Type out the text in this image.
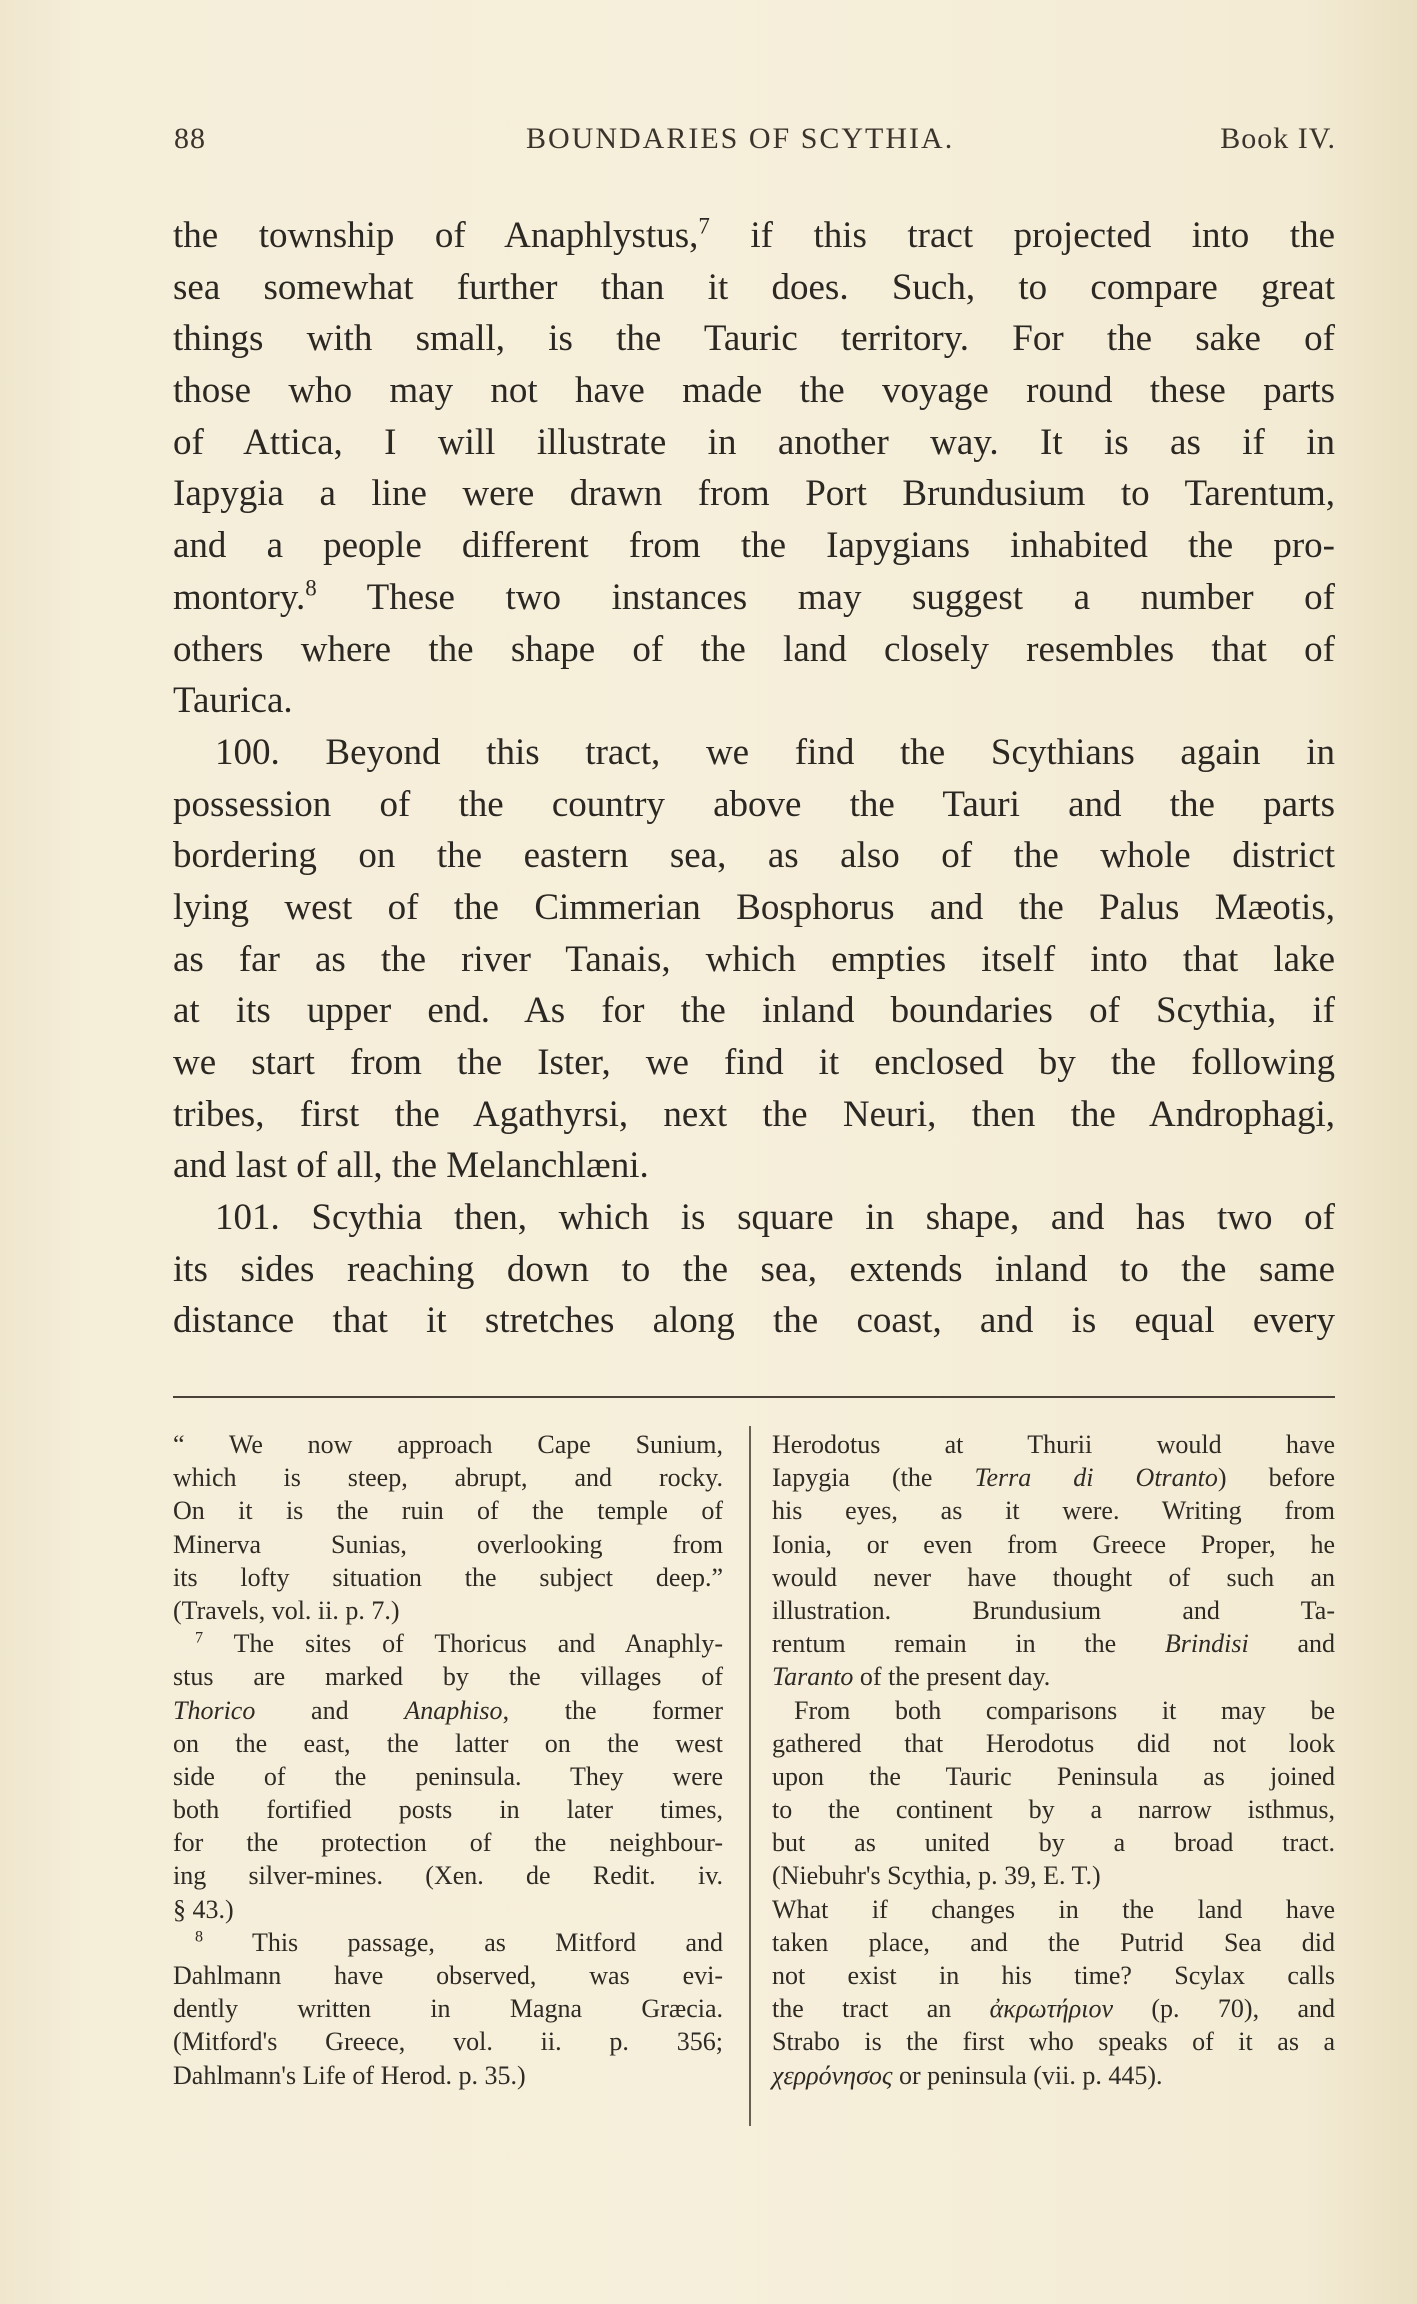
88	BOUNDARIES OF SCYTHIA.	Book IV.
the township of Anaphlystus,$^7$ if this tract projected into the
sea somewhat further than it does. Such, to compare great
things with small, is the Tauric territory. For the sake of
those who may not have made the voyage round these parts
of Attica, I will illustrate in another way. It is as if in
Iapygia a line were drawn from Port Brundusium to Tarentum,
and a people different from the Iapygians inhabited the pro-
montory.$^8$ These two instances may suggest a number of
others where the shape of the land closely resembles that of
Taurica.
100. Beyond this tract, we find the Scythians again in
possession of the country above the Tauri and the parts
bordering on the eastern sea, as also of the whole district
lying west of the Cimmerian Bosphorus and the Palus Mæotis,
as far as the river Tanais, which empties itself into that lake
at its upper end. As for the inland boundaries of Scythia, if
we start from the Ister, we find it enclosed by the following
tribes, first the Agathyrsi, next the Neuri, then the Androphagi,
and last of all, the Melanchlæni.
101. Scythia then, which is square in shape, and has two of
its sides reaching down to the sea, extends inland to the same
distance that it stretches along the coast, and is equal every
“ We now approach Cape Sunium,
which is steep, abrupt, and rocky.
On it is the ruin of the temple of
Minerva Sunias, overlooking from
its lofty situation the subject deep.”
(Travels, vol. ii. p. 7.)
$^7$ The sites of Thoricus and Anaphly-
stus are marked by the villages of
Thorico and Anaphiso, the former
on the east, the latter on the west
side of the peninsula. They were
both fortified posts in later times,
for the protection of the neighbour-
ing silver-mines. (Xen. de Redit. iv.
§ 43.)
$^8$ This passage, as Mitford and
Dahlmann have observed, was evi-
dently written in Magna Græcia.
(Mitford's Greece, vol. ii. p. 356;
Dahlmann's Life of Herod. p. 35.)
Herodotus at Thurii would have
Iapygia (the Terra di Otranto) before
his eyes, as it were. Writing from
Ionia, or even from Greece Proper, he
would never have thought of such an
illustration. Brundusium and Ta-
rentum remain in the Brindisi and
Taranto of the present day.
From both comparisons it may be
gathered that Herodotus did not look
upon the Tauric Peninsula as joined
to the continent by a narrow isthmus,
but as united by a broad tract.
(Niebuhr's Scythia, p. 39, E. T.)
What if changes in the land have
taken place, and the Putrid Sea did
not exist in his time? Scylax calls
the tract an ἀκρωτήριον (p. 70), and
Strabo is the first who speaks of it as a
χερρόνησος or peninsula (vii. p. 445).
